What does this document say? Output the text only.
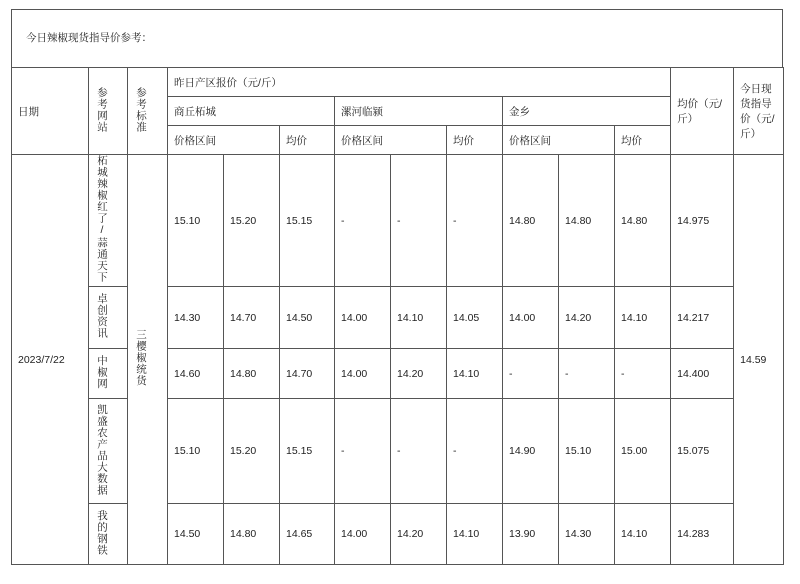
今日辣椒现货指导价参考：
日期	参考网站	参考标准	昨日产区报价（元/斤）									均价（元/斤）	今日现货指导价（元/斤）
			商丘柘城			漯河临颍			金乡				
			价格区间		均价	价格区间		均价	价格区间		均价		
2023/7/22	柘城辣椒红了/蒜通天下	三樱椒统货	15.10	15.20	15.15	-	-	-	14.80	14.80	14.80	14.975	14.59
	卓创资讯		14.30	14.70	14.50	14.00	14.10	14.05	14.00	14.20	14.10	14.217	
	中椒网		14.60	14.80	14.70	14.00	14.20	14.10	-	-	-	14.400	
	凯盛农产品大数据		15.10	15.20	15.15	-	-	-	14.90	15.10	15.00	15.075	
	我的钢铁		14.50	14.80	14.65	14.00	14.20	14.10	13.90	14.30	14.10	14.283	
